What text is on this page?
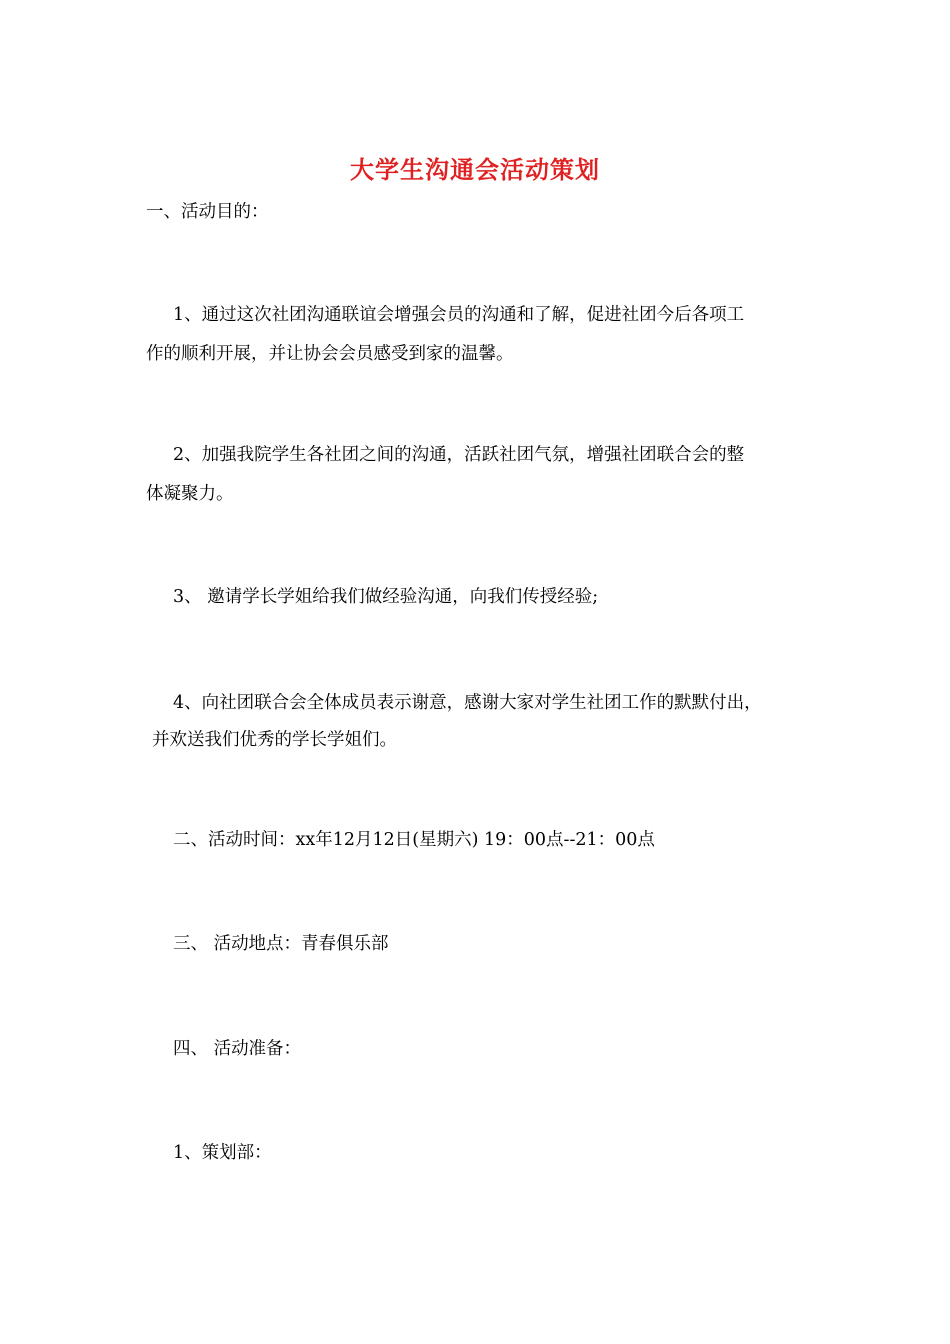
大学生沟通会活动策划
一、活动目的：
1、通过这次社团沟通联谊会增强会员的沟通和了解，促进社团今后各项工
作的顺利开展，并让协会会员感受到家的温馨。
2、加强我院学生各社团之间的沟通，活跃社团气氛，增强社团联合会的整
体凝聚力。
3、 邀请学长学姐给我们做经验沟通，向我们传授经验;
4、向社团联合会全体成员表示谢意，感谢大家对学生社团工作的默默付出，
并欢送我们优秀的学长学姐们。
二、活动时间：xx年12月12日(星期六) 19：00点--21：00点
三、 活动地点：青春俱乐部
四、 活动准备：
1、策划部：
